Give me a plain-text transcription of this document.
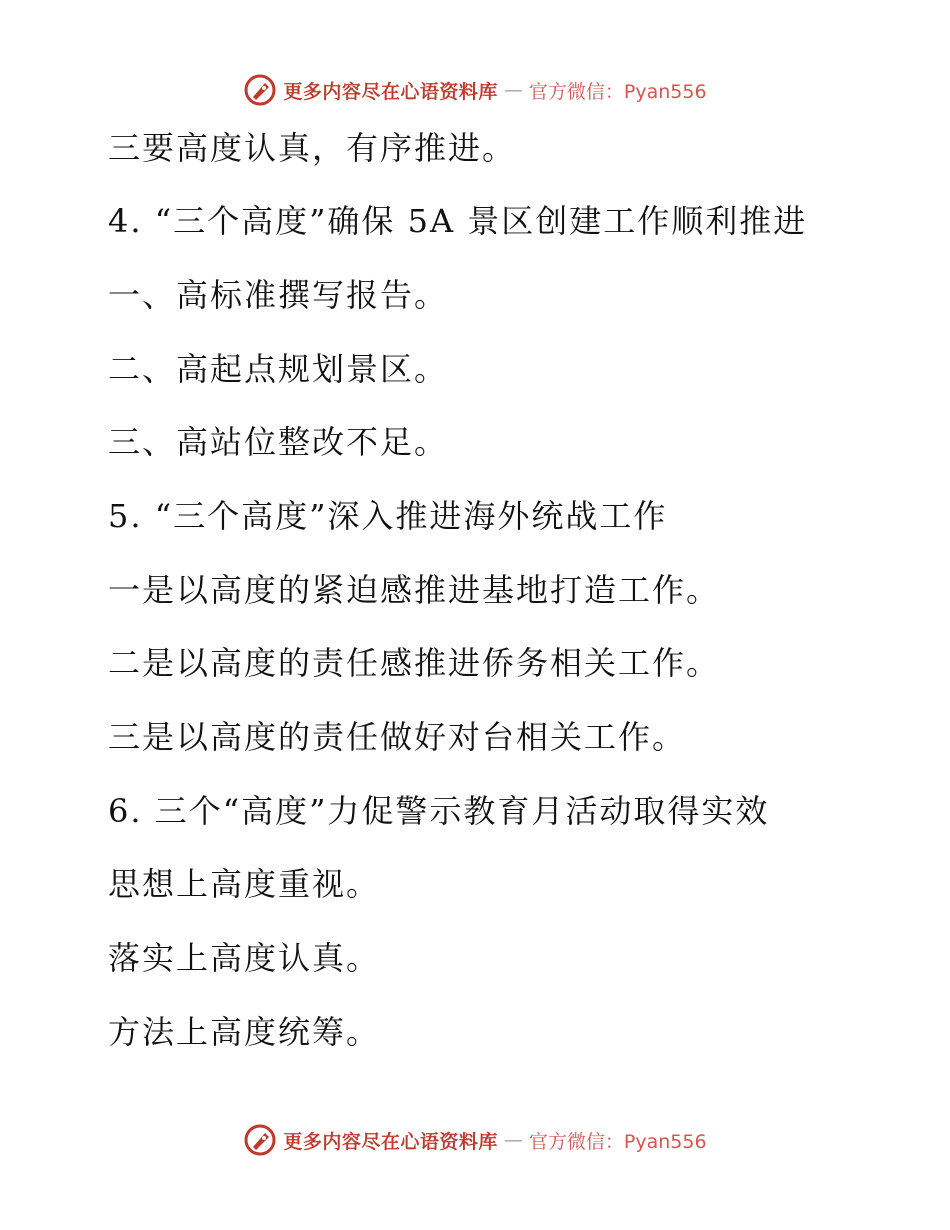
更多内容尽在心语资料库 — 官方微信：Pyan556
三要高度认真，有序推进。
4. “三个高度”确保 5A 景区创建工作顺利推进
一、高标准撰写报告。
二、高起点规划景区。
三、高站位整改不足。
5. “三个高度”深入推进海外统战工作
一是以高度的紧迫感推进基地打造工作。
二是以高度的责任感推进侨务相关工作。
三是以高度的责任做好对台相关工作。
6. 三个“高度”力促警示教育月活动取得实效
思想上高度重视。
落实上高度认真。
方法上高度统筹。
更多内容尽在心语资料库 — 官方微信：Pyan556
